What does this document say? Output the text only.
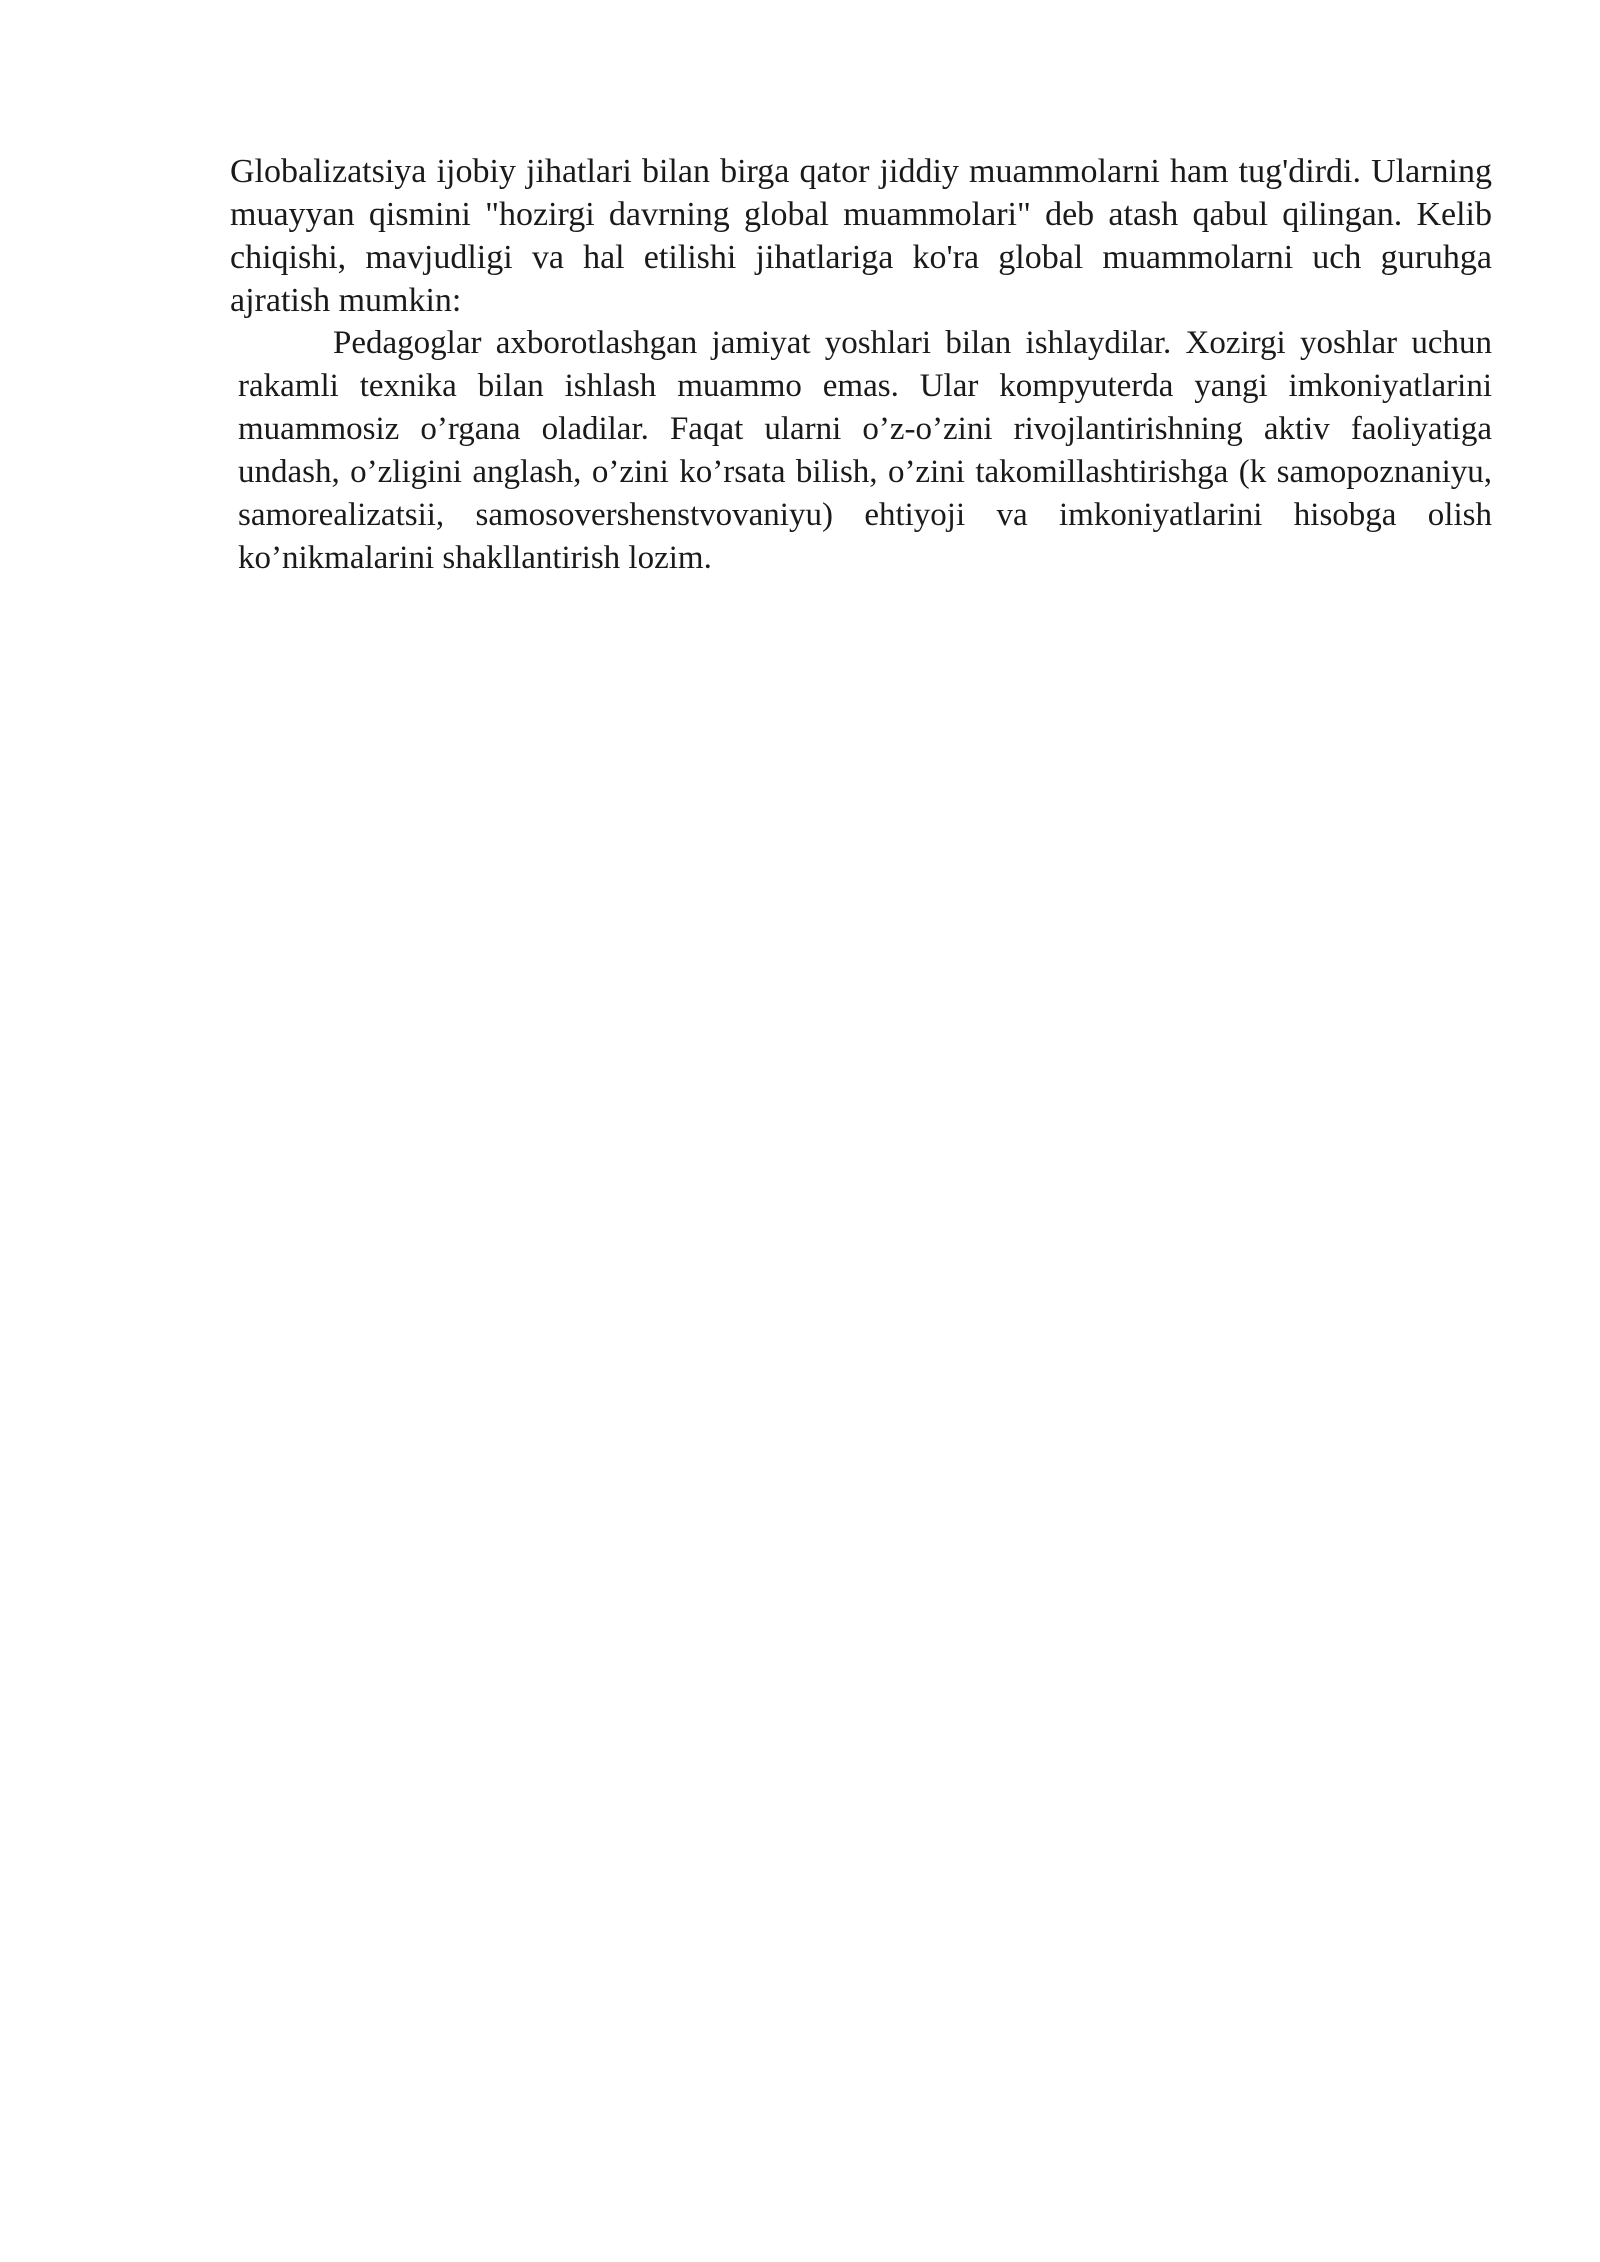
Globalizatsiya ijobiy jihatlari bilan birga qator jiddiy muammolarni ham tug'dirdi. Ularning muayyan qismini "hozirgi davrning global muammolari" deb atash qabul qilingan. Kelib chiqishi, mavjudligi va hal etilishi jihatlariga ko'ra global muammolarni uch guruhga ajratish mumkin:

Pedagoglar axborotlashgan jamiyat yoshlari bilan ishlaydilar. Xozirgi yoshlar uchun rakamli texnika bilan ishlash muammo emas. Ular kompyuterda yangi imkoniyatlarini muammosiz o’rgana oladilar. Faqat ularni o’z-o’zini rivojlantirishning aktiv faoliyatiga undash, o’zligini anglash, o’zini ko’rsata bilish, o’zini takomillashtirishga (k samopoznaniyu, samorealizatsii, samosovershenstvovaniyu) ehtiyoji va imkoniyatlarini hisobga olish ko’nikmalarini shakllantirish lozim.
